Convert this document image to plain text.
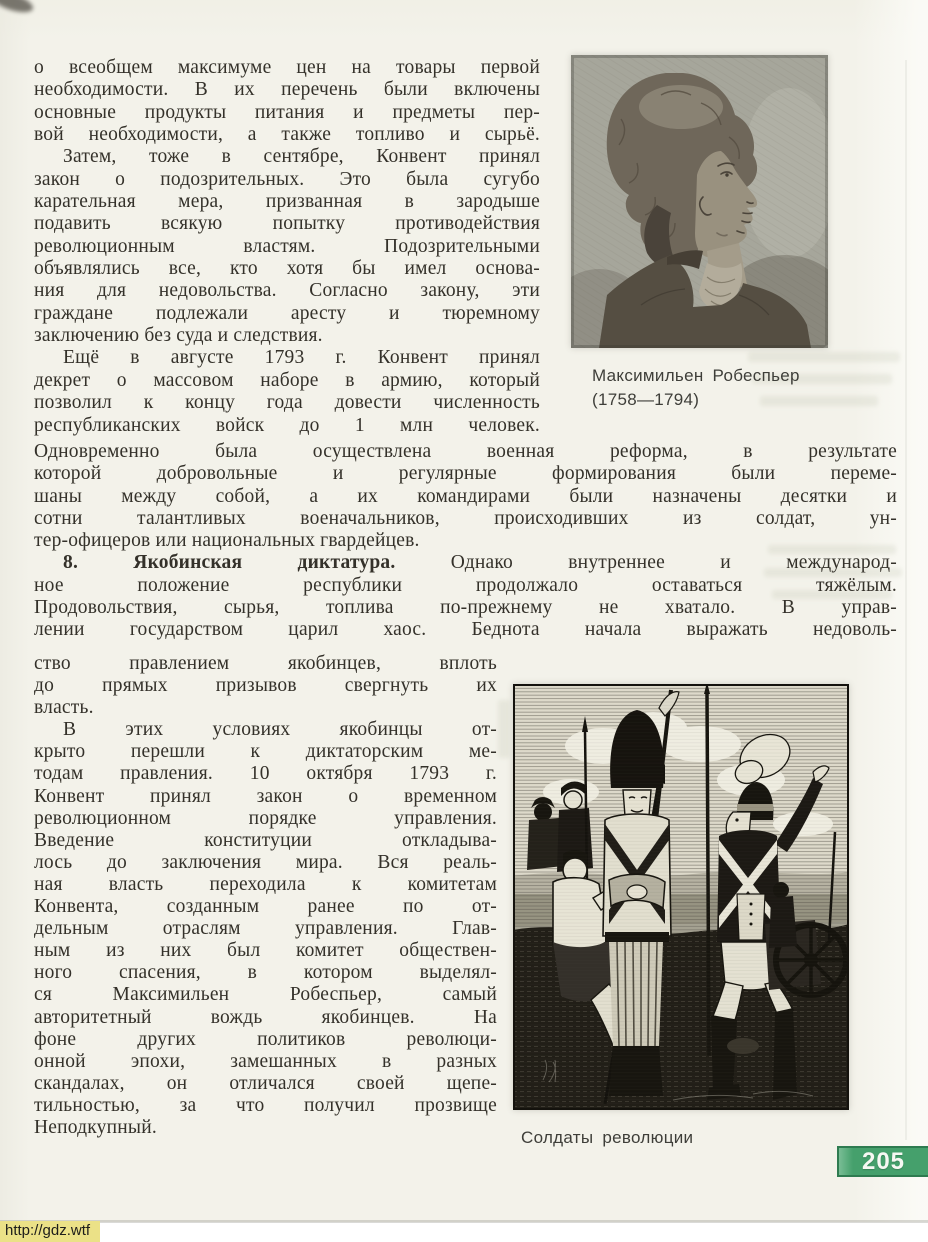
о всеобщем максимуме цен на товары первой
необходимости. В их перечень были включены
основные продукты питания и предметы пер-
вой необходимости, а также топливо и сырьё.
Затем, тоже в сентябре, Конвент принял
закон о подозрительных. Это была сугубо
карательная мера, призванная в зародыше
подавить всякую попытку противодействия
революционным властям. Подозрительными
объявлялись все, кто хотя бы имел основа-
ния для недовольства. Согласно закону, эти
граждане подлежали аресту и тюремному
заключению без суда и следствия.
Ещё в августе 1793 г. Конвент принял
декрет о массовом наборе в армию, который
позволил к концу года довести численность
республиканских войск до 1 млн человек.
Одновременно была осуществлена военная реформа, в результате
которой добровольные и регулярные формирования были переме-
шаны между собой, а их командирами были назначены десятки и
сотни талантливых военачальников, происходивших из солдат, ун-
тер-офицеров или национальных гвардейцев.
8. Якобинская диктатура. Однако внутреннее и международ-
ное положение республики продолжало оставаться тяжёлым.
Продовольствия, сырья, топлива по-прежнему не хватало. В управ-
лении государством царил хаос. Беднота начала выражать недоволь-
ство правлением якобинцев, вплоть
до прямых призывов свергнуть их
власть.
В этих условиях якобинцы от-
крыто перешли к диктаторским ме-
тодам правления. 10 октября 1793 г.
Конвент принял закон о временном
революционном порядке управления.
Введение конституции откладыва-
лось до заключения мира. Вся реаль-
ная власть переходила к комитетам
Конвента, созданным ранее по от-
дельным отраслям управления. Глав-
ным из них был комитет обществен-
ного спасения, в котором выделял-
ся Максимильен Робеспьер, самый
авторитетный вождь якобинцев. На
фоне других политиков революци-
онной эпохи, замешанных в разных
скандалах, он отличался своей щепе-
тильностью, за что получил прозвище
Неподкупный.
Максимильен Робеспьер
(1758—1794)
Солдаты революции
205
http://gdz.wtf
